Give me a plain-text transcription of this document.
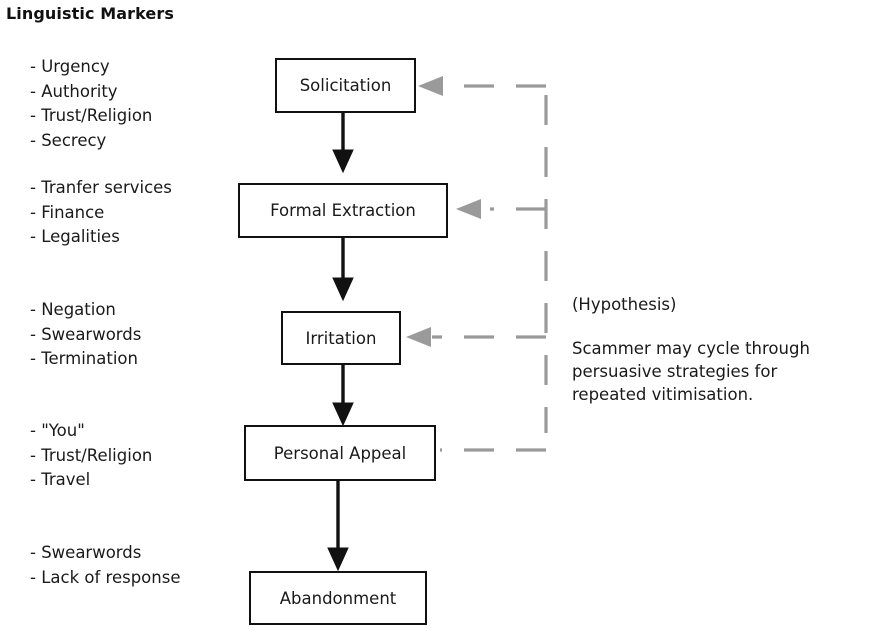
Linguistic Markers
- Urgency
- Authority
- Trust/Religion
- Secrecy
- Tranfer services
- Finance
- Legalities
- Negation
- Swearwords
- Termination
- "You"
- Trust/Religion
- Travel
- Swearwords
- Lack of response
Solicitation
Formal Extraction
Irritation
Personal Appeal
Abandonment
(Hypothesis)
Scammer may cycle through
persuasive strategies for
repeated vitimisation.
